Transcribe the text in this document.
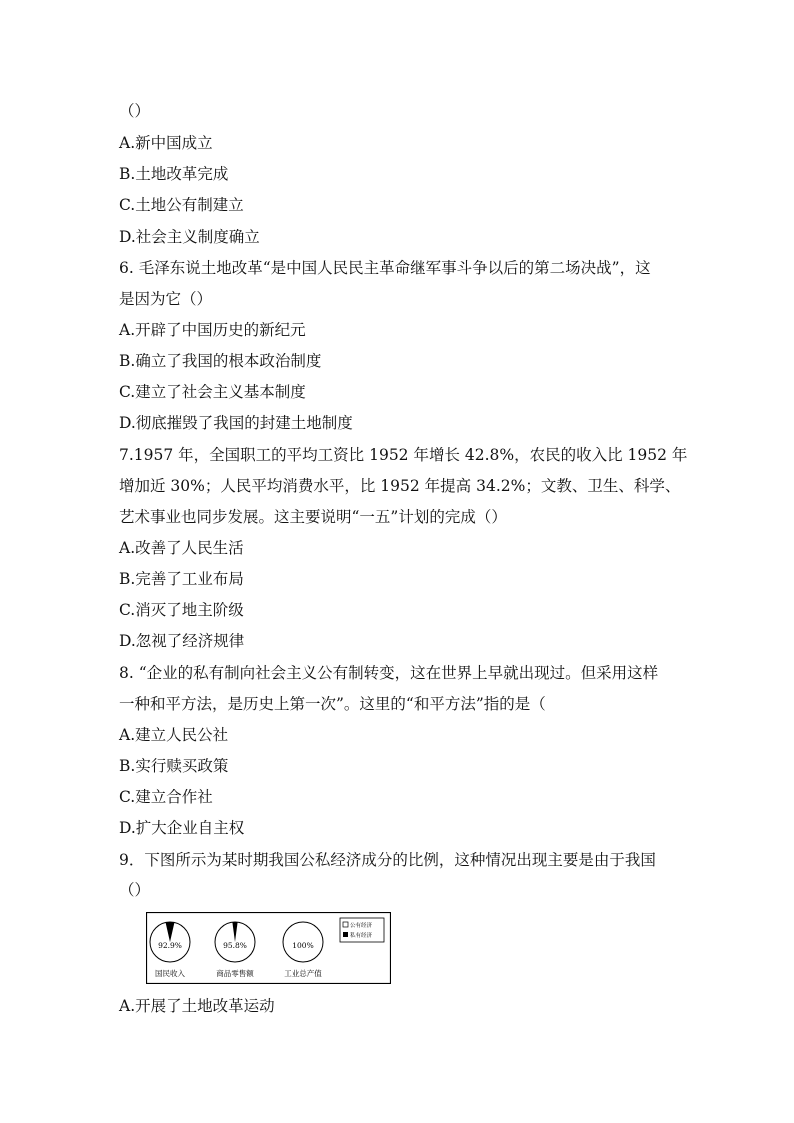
（）
A.新中国成立
B.土地改革完成
C.土地公有制建立
D.社会主义制度确立
6. 毛泽东说土地改革“是中国人民民主革命继军事斗争以后的第二场决战”，这
是因为它（）
A.开辟了中国历史的新纪元
B.确立了我国的根本政治制度
C.建立了社会主义基本制度
D.彻底摧毁了我国的封建土地制度
7.1957 年，全国职工的平均工资比 1952 年增长 42.8%，农民的收入比 1952 年
增加近 30%；人民平均消费水平，比 1952 年提高 34.2%；文教、卫生、科学、
艺术事业也同步发展。这主要说明“一五”计划的完成（）
A.改善了人民生活
B.完善了工业布局
C.消灭了地主阶级
D.忽视了经济规律
8. “企业的私有制向社会主义公有制转变，这在世界上早就出现过。但采用这样
一种和平方法，是历史上第一次”。这里的“和平方法”指的是（
A.建立人民公社
B.实行赎买政策
C.建立合作社
D.扩大企业自主权
9．下图所示为某时期我国公私经济成分的比例，这种情况出现主要是由于我国
（）
92.9%
国民收入
95.8%
商品零售额
100%
工业总产值
公有经济
私有经济
A.开展了土地改革运动
